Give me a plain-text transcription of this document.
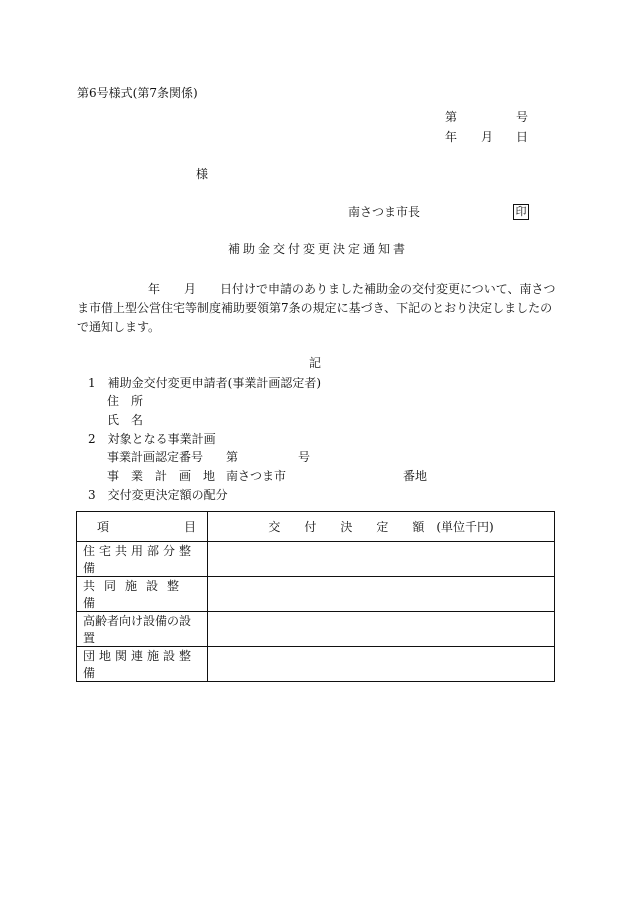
第6号様式(第7条関係)
第	号
年 月 日
様
南さつま市長	印
補助金交付変更決定通知書
年 月 日付けで申請のありました補助金の交付変更について、南さつ
ま市借上型公営住宅等制度補助要領第7条の規定に基づき、下記のとおり決定しましたの
で通知します。
記
1　補助金交付変更申請者(事業計画認定者)
住　所
氏　名
2　対象となる事業計画
事業計画認定番号 第	号
事　業　計　画　地 南さつま市	番地
3　交付変更決定額の配分
項 目	交　　付　　決　　定　　額　(単位千円)
住宅共用部分整備	
共同施設整備	
高齢者向け設備の設置	
団地関連施設整備	
